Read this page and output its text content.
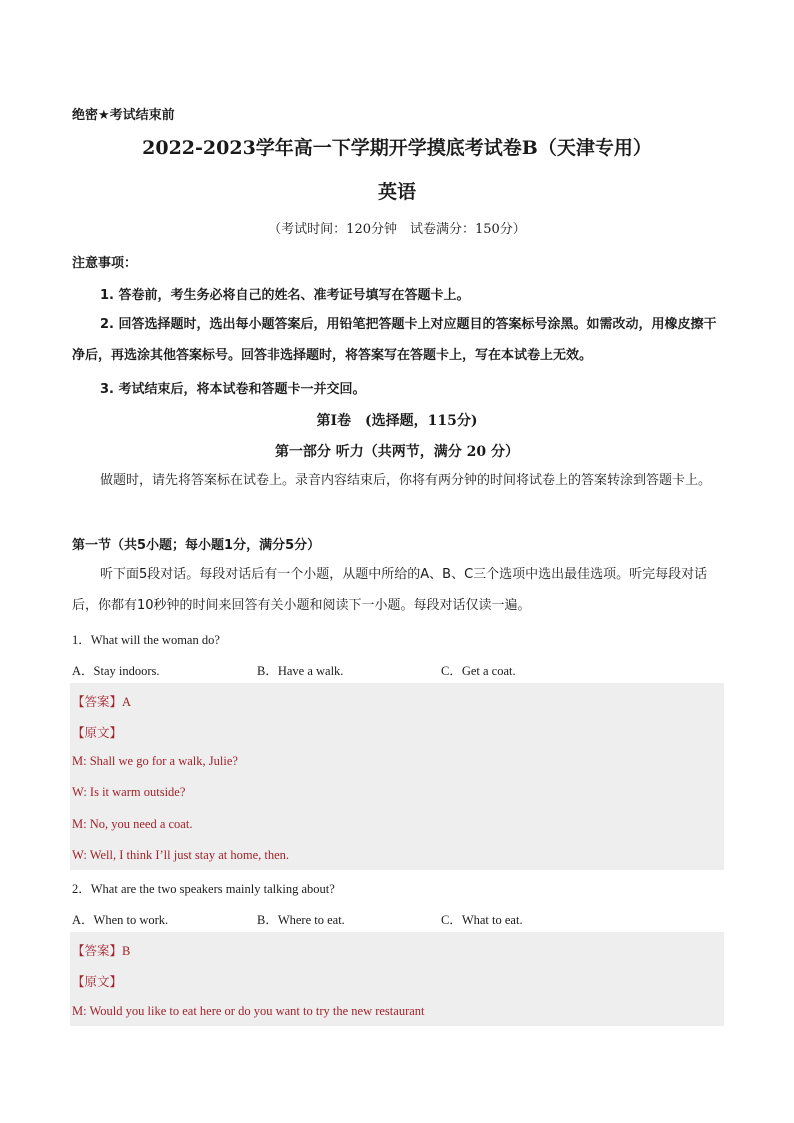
绝密★考试结束前
2022-2023学年高一下学期开学摸底考试卷B（天津专用）
英语
（考试时间：120分钟　试卷满分：150分）
注意事项：
1. 答卷前，考生务必将自己的姓名、准考证号填写在答题卡上。
2. 回答选择题时，选出每小题答案后，用铅笔把答题卡上对应题目的答案标号涂黑。如需改动，用橡皮擦干净后，再选涂其他答案标号。回答非选择题时，将答案写在答题卡上，写在本试卷上无效。
3. 考试结束后，将本试卷和答题卡一并交回。
第I卷　(选择题，115分)
第一部分 听力（共两节，满分 20 分）
做题时，请先将答案标在试卷上。录音内容结束后，你将有两分钟的时间将试卷上的答案转涂到答题卡上。
第一节（共5小题；每小题1分，满分5分）
听下面5段对话。每段对话后有一个小题，从题中所给的A、B、C三个选项中选出最佳选项。听完每段对话后，你都有10秒钟的时间来回答有关小题和阅读下一小题。每段对话仅读一遍。
1．What will the woman do?
A．Stay indoors.	B．Have a walk.	C．Get a coat.
【答案】A
【原文】
M: Shall we go for a walk, Julie?
W: Is it warm outside?
M: No, you need a coat.
W: Well, I think I’ll just stay at home, then.
2．What are the two speakers mainly talking about?
A．When to work.	B．Where to eat.	C．What to eat.
【答案】B
【原文】
M: Would you like to eat here or do you want to try the new restaurant
